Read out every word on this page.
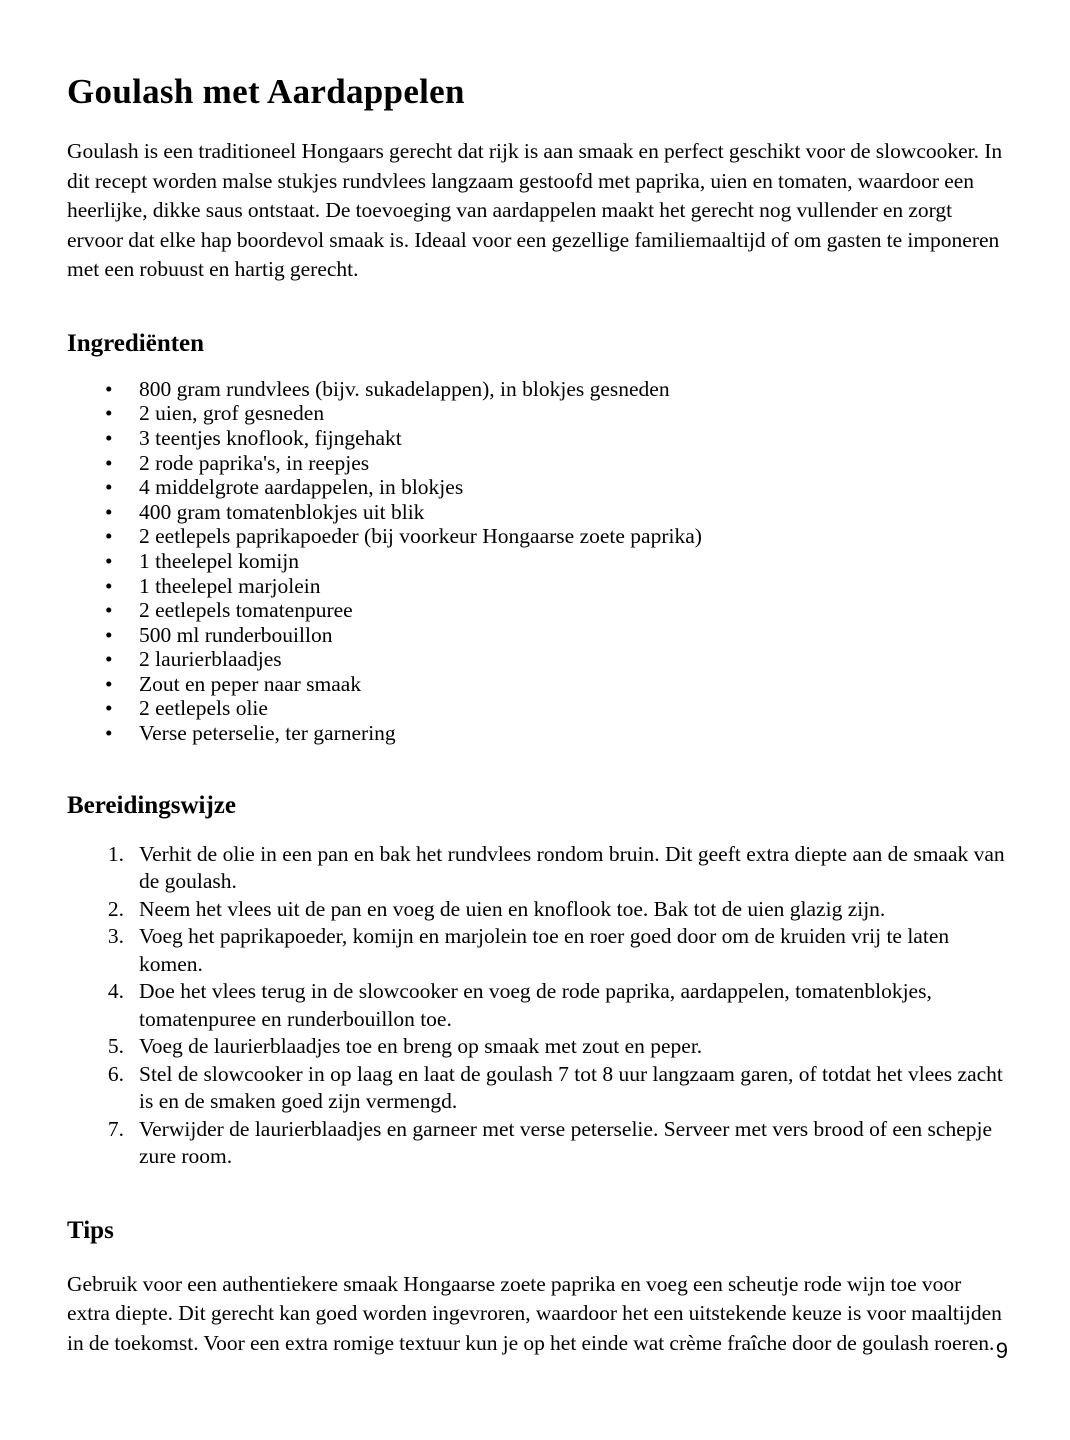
Goulash met Aardappelen

Goulash is een traditioneel Hongaars gerecht dat rijk is aan smaak en perfect geschikt voor de slowcooker. In dit recept worden malse stukjes rundvlees langzaam gestoofd met paprika, uien en tomaten, waardoor een heerlijke, dikke saus ontstaat. De toevoeging van aardappelen maakt het gerecht nog vullender en zorgt ervoor dat elke hap boordevol smaak is. Ideaal voor een gezellige familiemaaltijd of om gasten te imponeren met een robuust en hartig gerecht.

Ingrediënten
• 800 gram rundvlees (bijv. sukadelappen), in blokjes gesneden
• 2 uien, grof gesneden
• 3 teentjes knoflook, fijngehakt
• 2 rode paprika's, in reepjes
• 4 middelgrote aardappelen, in blokjes
• 400 gram tomatenblokjes uit blik
• 2 eetlepels paprikapoeder (bij voorkeur Hongaarse zoete paprika)
• 1 theelepel komijn
• 1 theelepel marjolein
• 2 eetlepels tomatenpuree
• 500 ml runderbouillon
• 2 laurierblaadjes
• Zout en peper naar smaak
• 2 eetlepels olie
• Verse peterselie, ter garnering
Bereidingswijze
1. Verhit de olie in een pan en bak het rundvlees rondom bruin. Dit geeft extra diepte aan de smaak van de goulash.
2. Neem het vlees uit de pan en voeg de uien en knoflook toe. Bak tot de uien glazig zijn.
3. Voeg het paprikapoeder, komijn en marjolein toe en roer goed door om de kruiden vrij te laten komen.
4. Doe het vlees terug in de slowcooker en voeg de rode paprika, aardappelen, tomatenblokjes, tomatenpuree en runderbouillon toe.
5. Voeg de laurierblaadjes toe en breng op smaak met zout en peper.
6. Stel de slowcooker in op laag en laat de goulash 7 tot 8 uur langzaam garen, of totdat het vlees zacht is en de smaken goed zijn vermengd.
7. Verwijder de laurierblaadjes en garneer met verse peterselie. Serveer met vers brood of een schepje zure room.
Tips

Gebruik voor een authentiekere smaak Hongaarse zoete paprika en voeg een scheutje rode wijn toe voor extra diepte. Dit gerecht kan goed worden ingevroren, waardoor het een uitstekende keuze is voor maaltijden in de toekomst. Voor een extra romige textuur kun je op het einde wat crème fraîche door de goulash roeren. 9
